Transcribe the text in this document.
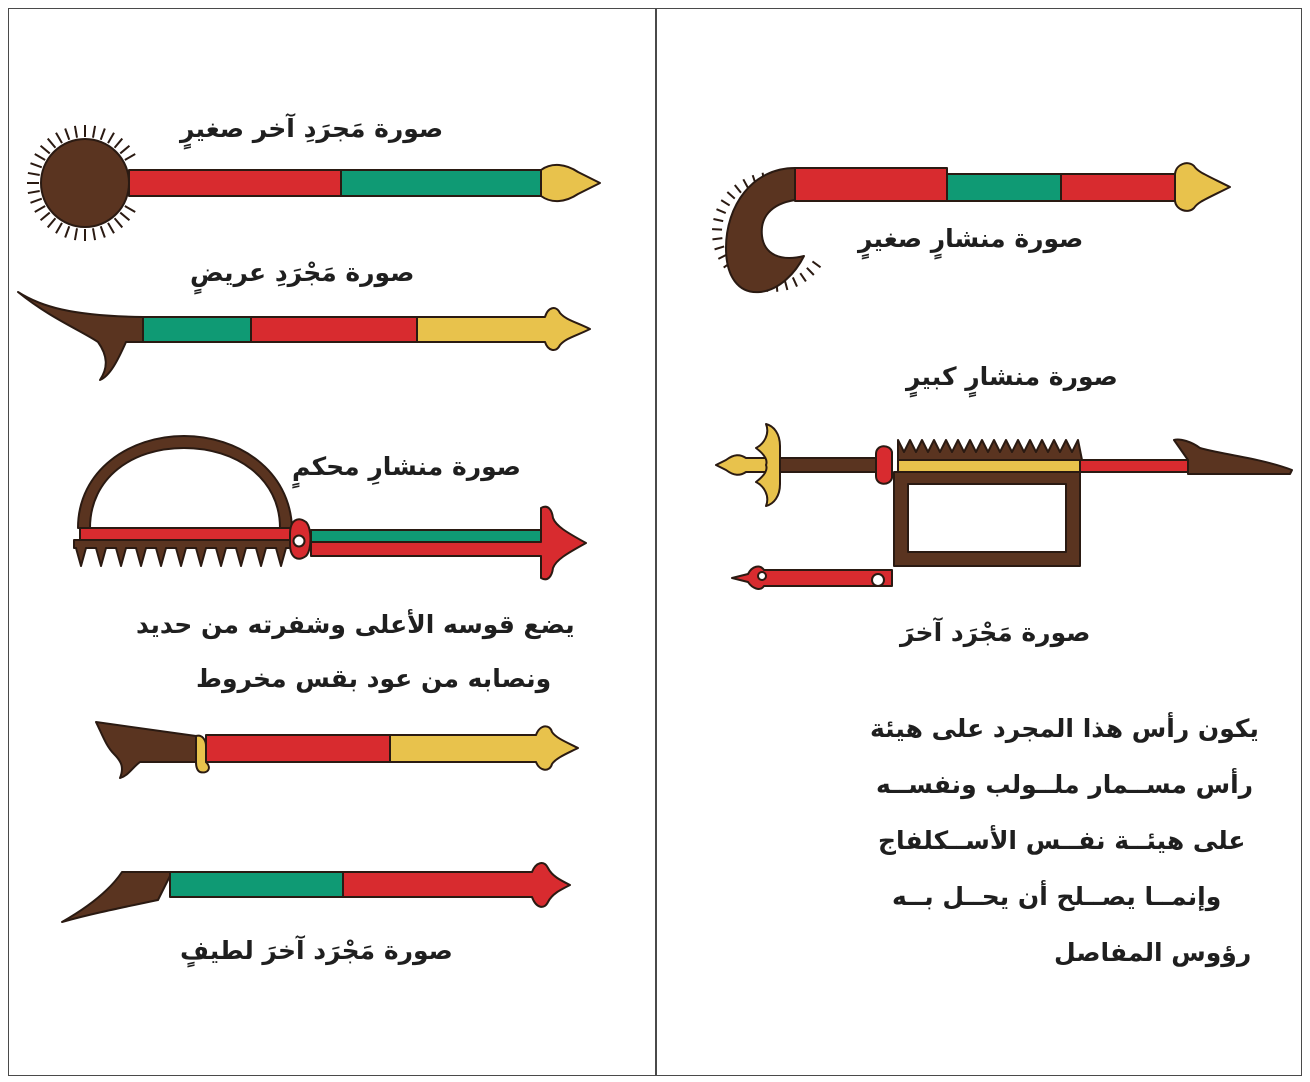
صورة مَجرَدِ آخر صغيرٍ
صورة مَجْرَدِ عريضٍ
صورة منشارِ محكمٍ
يضع قوسه الأعلى وشفرته من حديد
ونصابه من عود بقس مخروط
صورة مَجْرَد آخرَ لطيفٍ
صورة منشارٍ صغيرٍ
صورة منشارٍ كبيرٍ
صورة مَجْرَد آخرَ
يكون رأس هذا المجرد على هيئة
رأس مســمار ملــولب ونفســه
على هيئــة نفــس الأســكلفاج
وإنمــا يصــلح أن يحــل بــه
رؤوس المفاصل
